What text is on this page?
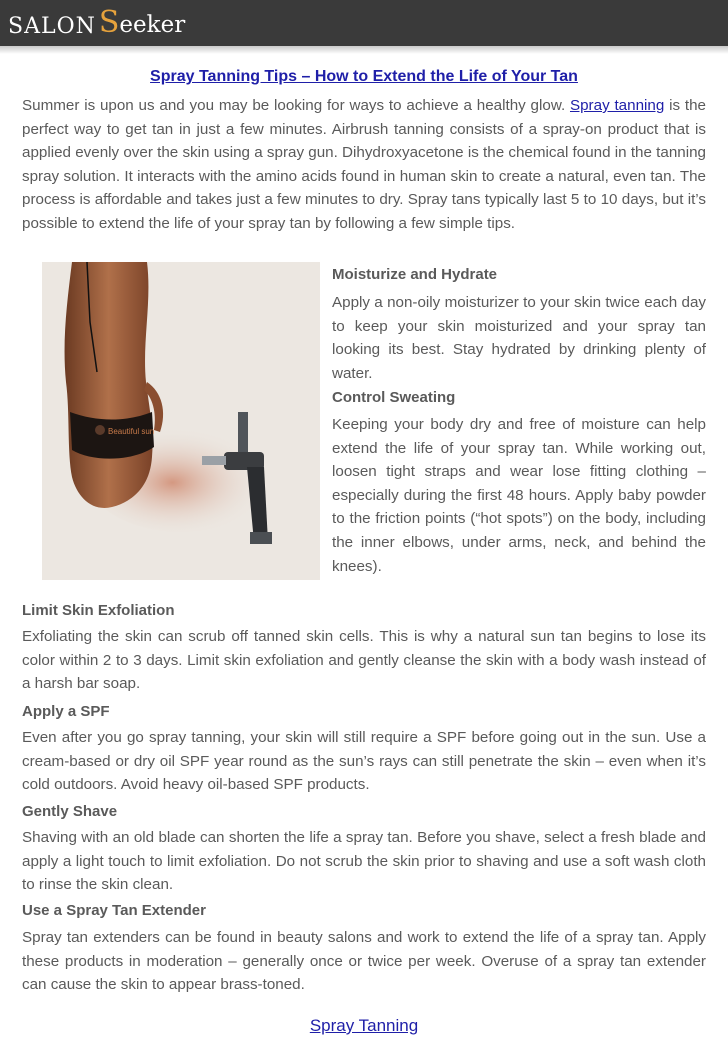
SALON Seeker
Spray Tanning Tips – How to Extend the Life of Your Tan
Summer is upon us and you may be looking for ways to achieve a healthy glow. Spray tanning is the perfect way to get tan in just a few minutes. Airbrush tanning consists of a spray-on product that is applied evenly over the skin using a spray gun. Dihydroxyacetone is the chemical found in the tanning spray solution. It interacts with the amino acids found in human skin to create a natural, even tan. The process is affordable and takes just a few minutes to dry. Spray tans typically last 5 to 10 days, but it’s possible to extend the life of your spray tan by following a few simple tips.
Beautiful sun
Moisturize and Hydrate
Apply a non-oily moisturizer to your skin twice each day to keep your skin moisturized and your spray tan looking its best. Stay hydrated by drinking plenty of water.
Control Sweating
Keeping your body dry and free of moisture can help extend the life of your spray tan. While working out, loosen tight straps and wear lose fitting clothing – especially during the first 48 hours. Apply baby powder to the friction points (“hot spots”) on the body, including the inner elbows, under arms, neck, and behind the knees).
Limit Skin Exfoliation
Exfoliating the skin can scrub off tanned skin cells. This is why a natural sun tan begins to lose its color within 2 to 3 days. Limit skin exfoliation and gently cleanse the skin with a body wash instead of a harsh bar soap.
Apply a SPF
Even after you go spray tanning, your skin will still require a SPF before going out in the sun. Use a cream-based or dry oil SPF year round as the sun’s rays can still penetrate the skin – even when it’s cold outdoors. Avoid heavy oil-based SPF products.
Gently Shave
Shaving with an old blade can shorten the life a spray tan. Before you shave, select a fresh blade and apply a light touch to limit exfoliation. Do not scrub the skin prior to shaving and use a soft wash cloth to rinse the skin clean.
Use a Spray Tan Extender
Spray tan extenders can be found in beauty salons and work to extend the life of a spray tan. Apply these products in moderation – generally once or twice per week. Overuse of a spray tan extender can cause the skin to appear brass-toned.
Spray Tanning
